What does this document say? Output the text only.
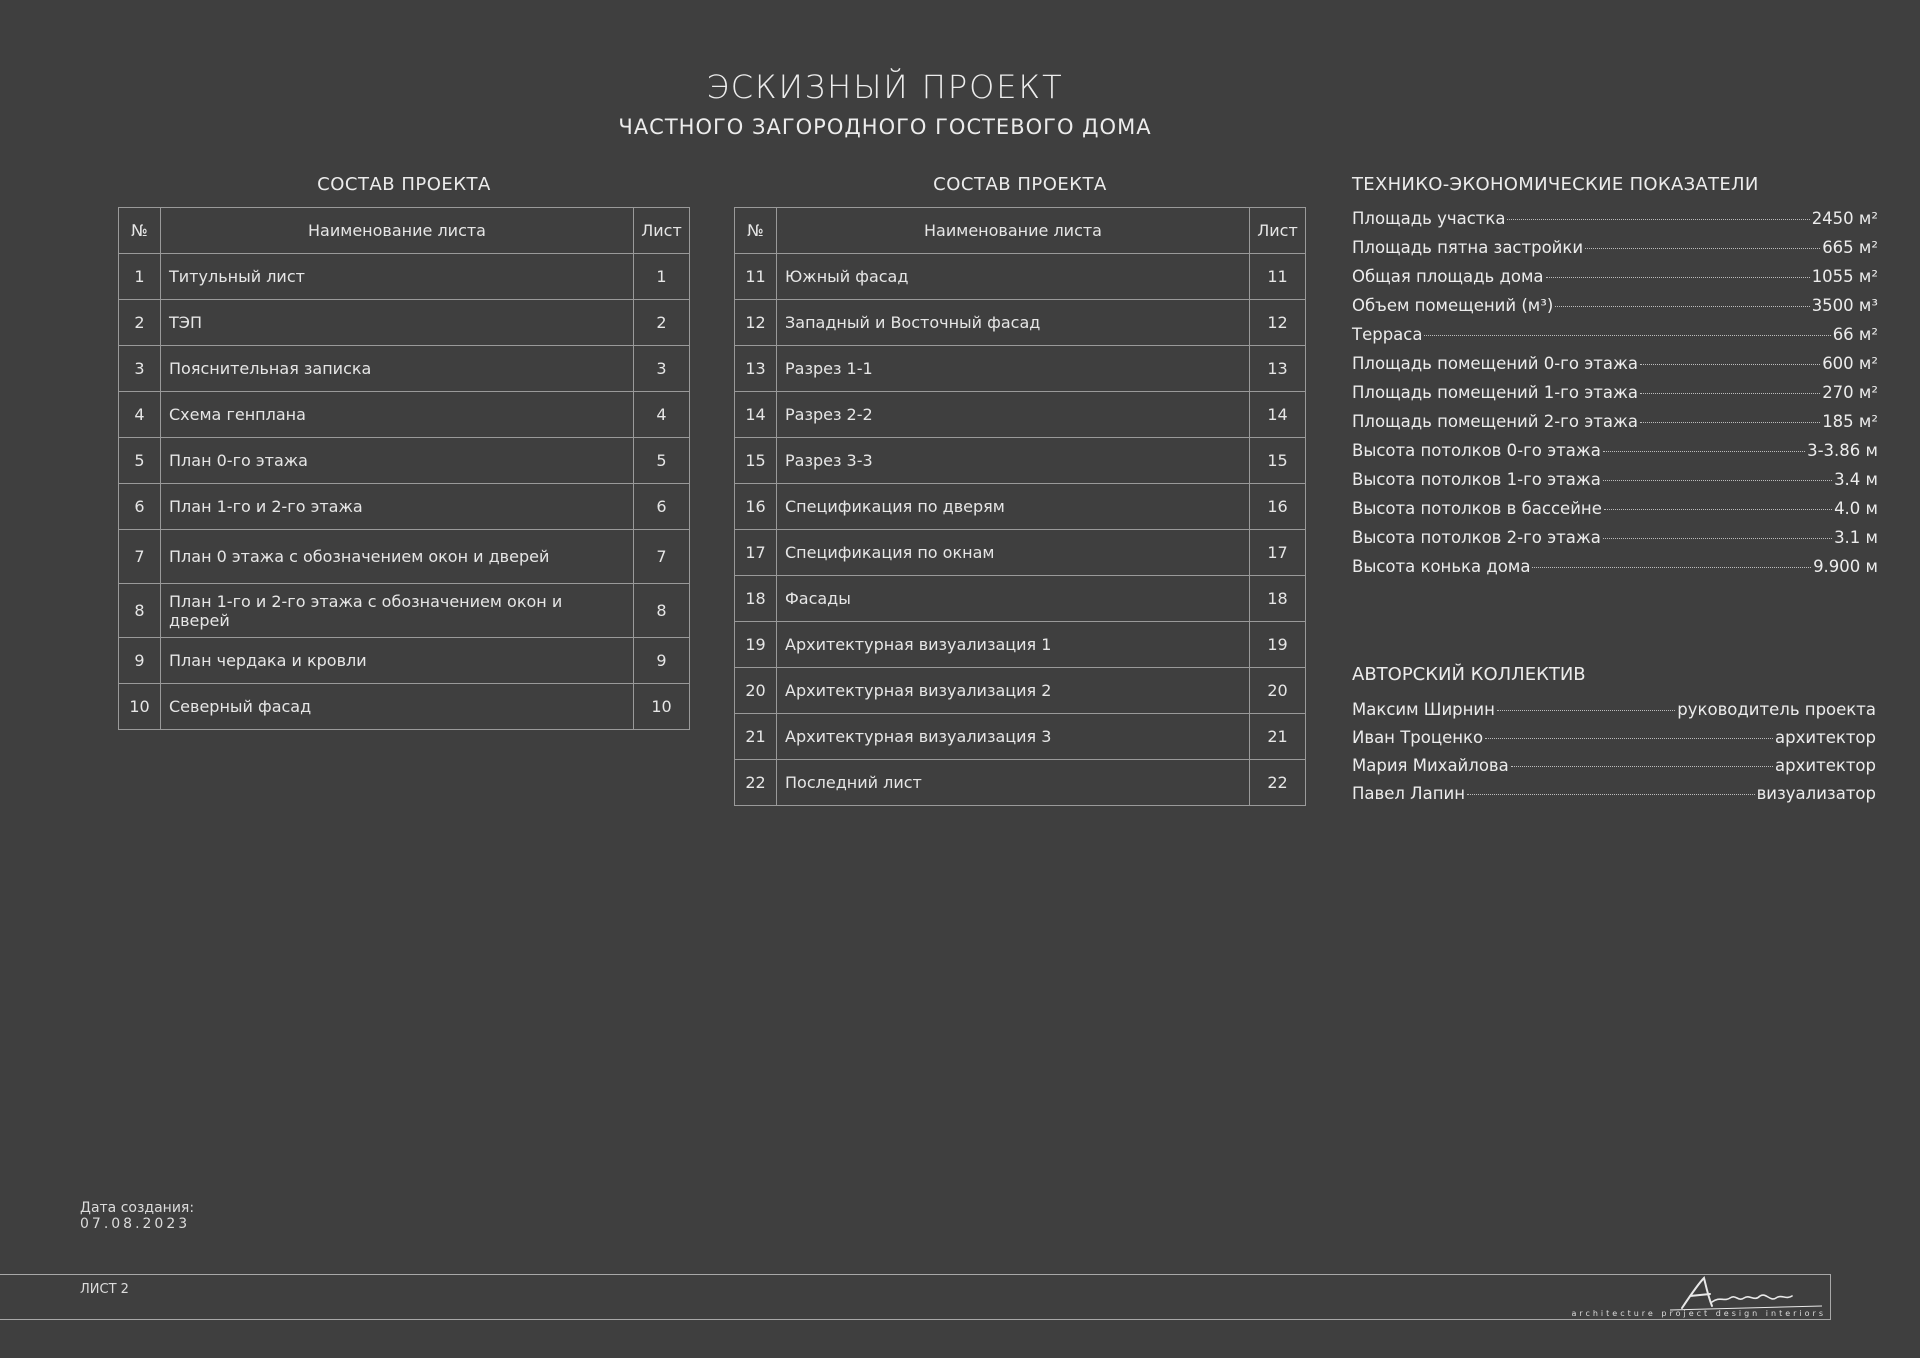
ЭСКИЗНЫЙ ПРОЕКТ
ЧАСТНОГО ЗАГОРОДНОГО ГОСТЕВОГО ДОМА
СОСТАВ ПРОЕКТА
№	Наименование листа	Лист
1	Титульный лист	1
2	ТЭП	2
3	Пояснительная записка	3
4	Схема генплана	4
5	План 0-го этажа	5
6	План 1-го и 2-го этажа	6
7	План 0 этажа с обозначением окон и дверей	7
8	План 1-го и 2-го этажа с обозначением окон и дверей	8
9	План чердака и кровли	9
10	Северный фасад	10
СОСТАВ ПРОЕКТА
№	Наименование листа	Лист
11	Южный фасад	11
12	Западный и Восточный фасад	12
13	Разрез 1-1	13
14	Разрез 2-2	14
15	Разрез 3-3	15
16	Спецификация по дверям	16
17	Спецификация по окнам	17
18	Фасады	18
19	Архитектурная визуализация 1	19
20	Архитектурная визуализация 2	20
21	Архитектурная визуализация 3	21
22	Последний лист	22
ТЕХНИКО-ЭКОНОМИЧЕСКИЕ ПОКАЗАТЕЛИ
Площадь участка	2450 м²
Площадь пятна застройки	665 м²
Общая площадь дома	1055 м²
Объем помещений (м³)	3500 м³
Терраса	66 м²
Площадь помещений 0-го этажа	600 м²
Площадь помещений 1-го этажа	270 м²
Площадь помещений 2-го этажа	185 м²
Высота потолков 0-го этажа	3-3.86 м
Высота потолков 1-го этажа	3.4 м
Высота потолков в бассейне	4.0 м
Высота потолков 2-го этажа	3.1 м
Высота конька дома	9.900 м
АВТОРСКИЙ КОЛЛЕКТИВ
Максим Ширнин	руководитель проекта
Иван Троценко	архитектор
Мария Михайлова	архитектор
Павел Лапин	визуализатор
Дата создания:
07.08.2023
ЛИСТ 2
architecture project design interiors
